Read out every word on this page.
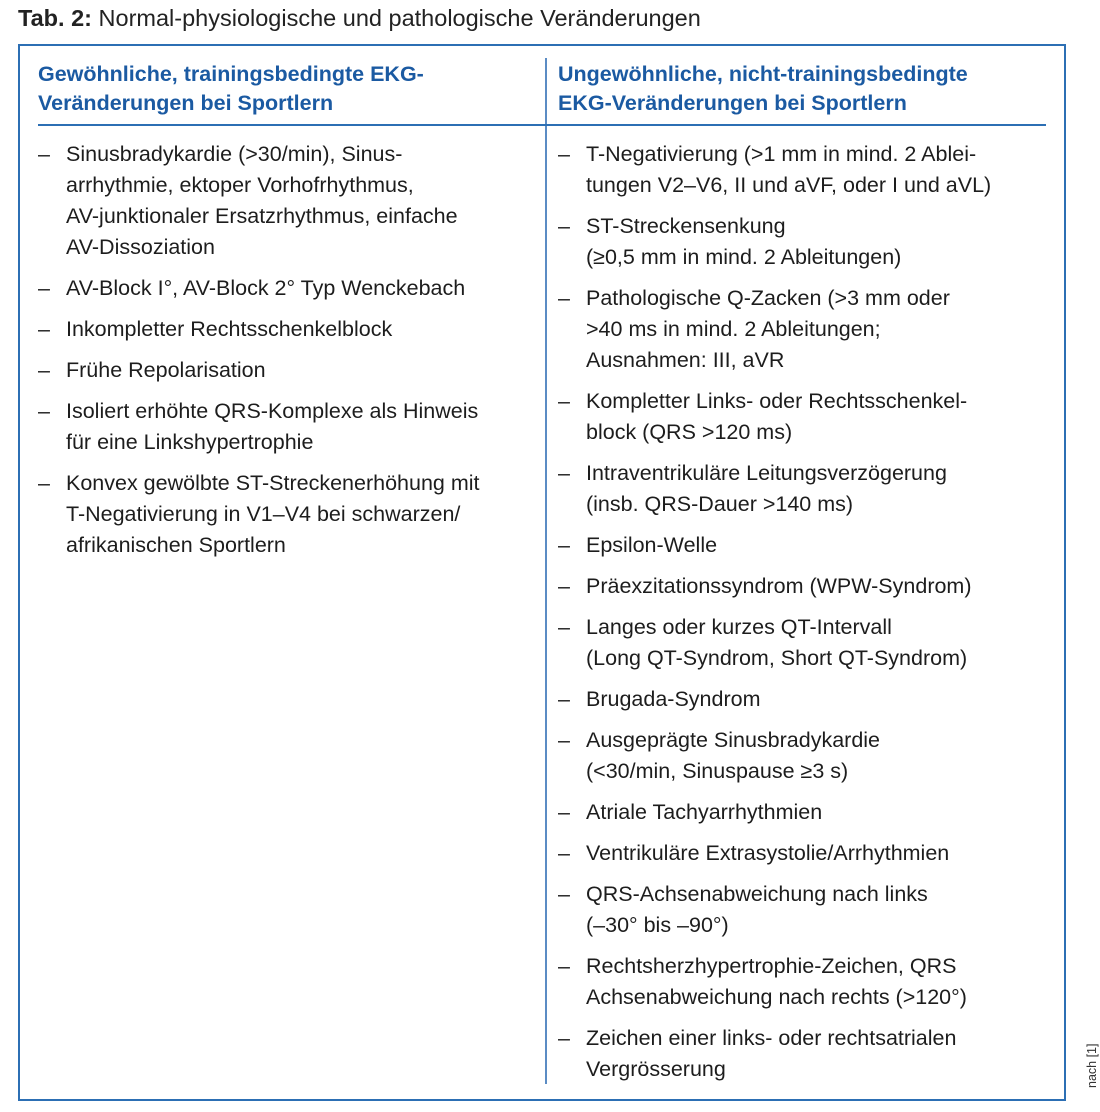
Tab. 2: Normal-physiologische und pathologische Veränderungen
Gewöhnliche, trainingsbedingte EKG-
Veränderungen bei Sportlern
Ungewöhnliche, nicht-trainingsbedingte
EKG-Veränderungen bei Sportlern
– Sinusbradykardie (>30/min), Sinus-
arrhythmie, ektoper Vorhofrhythmus,
AV-junktionaler Ersatzrhythmus, einfache
AV-Dissoziation
– AV-Block I°, AV-Block 2° Typ Wenckebach
– Inkompletter Rechtsschenkelblock
– Frühe Repolarisation
– Isoliert erhöhte QRS-Komplexe als Hinweis
für eine Linkshypertrophie
– Konvex gewölbte ST-Streckenerhöhung mit
T-Negativierung in V1–V4 bei schwarzen/
afrikanischen Sportlern
– T-Negativierung (>1 mm in mind. 2 Ablei-
tungen V2–V6, II und aVF, oder I und aVL)
– ST-Streckensenkung
(≥0,5 mm in mind. 2 Ableitungen)
– Pathologische Q-Zacken (>3 mm oder
>40 ms in mind. 2 Ableitungen;
Ausnahmen: III, aVR
– Kompletter Links- oder Rechtsschenkel-
block (QRS >120 ms)
– Intraventrikuläre Leitungsverzögerung
(insb. QRS-Dauer >140 ms)
– Epsilon-Welle
– Präexzitationssyndrom (WPW-Syndrom)
– Langes oder kurzes QT-Intervall
(Long QT-Syndrom, Short QT-Syndrom)
– Brugada-Syndrom
– Ausgeprägte Sinusbradykardie
(<30/min, Sinuspause ≥3 s)
– Atriale Tachyarrhythmien
– Ventrikuläre Extrasystolie/Arrhythmien
– QRS-Achsenabweichung nach links
(–30° bis –90°)
– Rechtsherzhypertrophie-Zeichen, QRS
Achsenabweichung nach rechts (>120°)
– Zeichen einer links- oder rechtsatrialen
Vergrösserung	nach [1]
